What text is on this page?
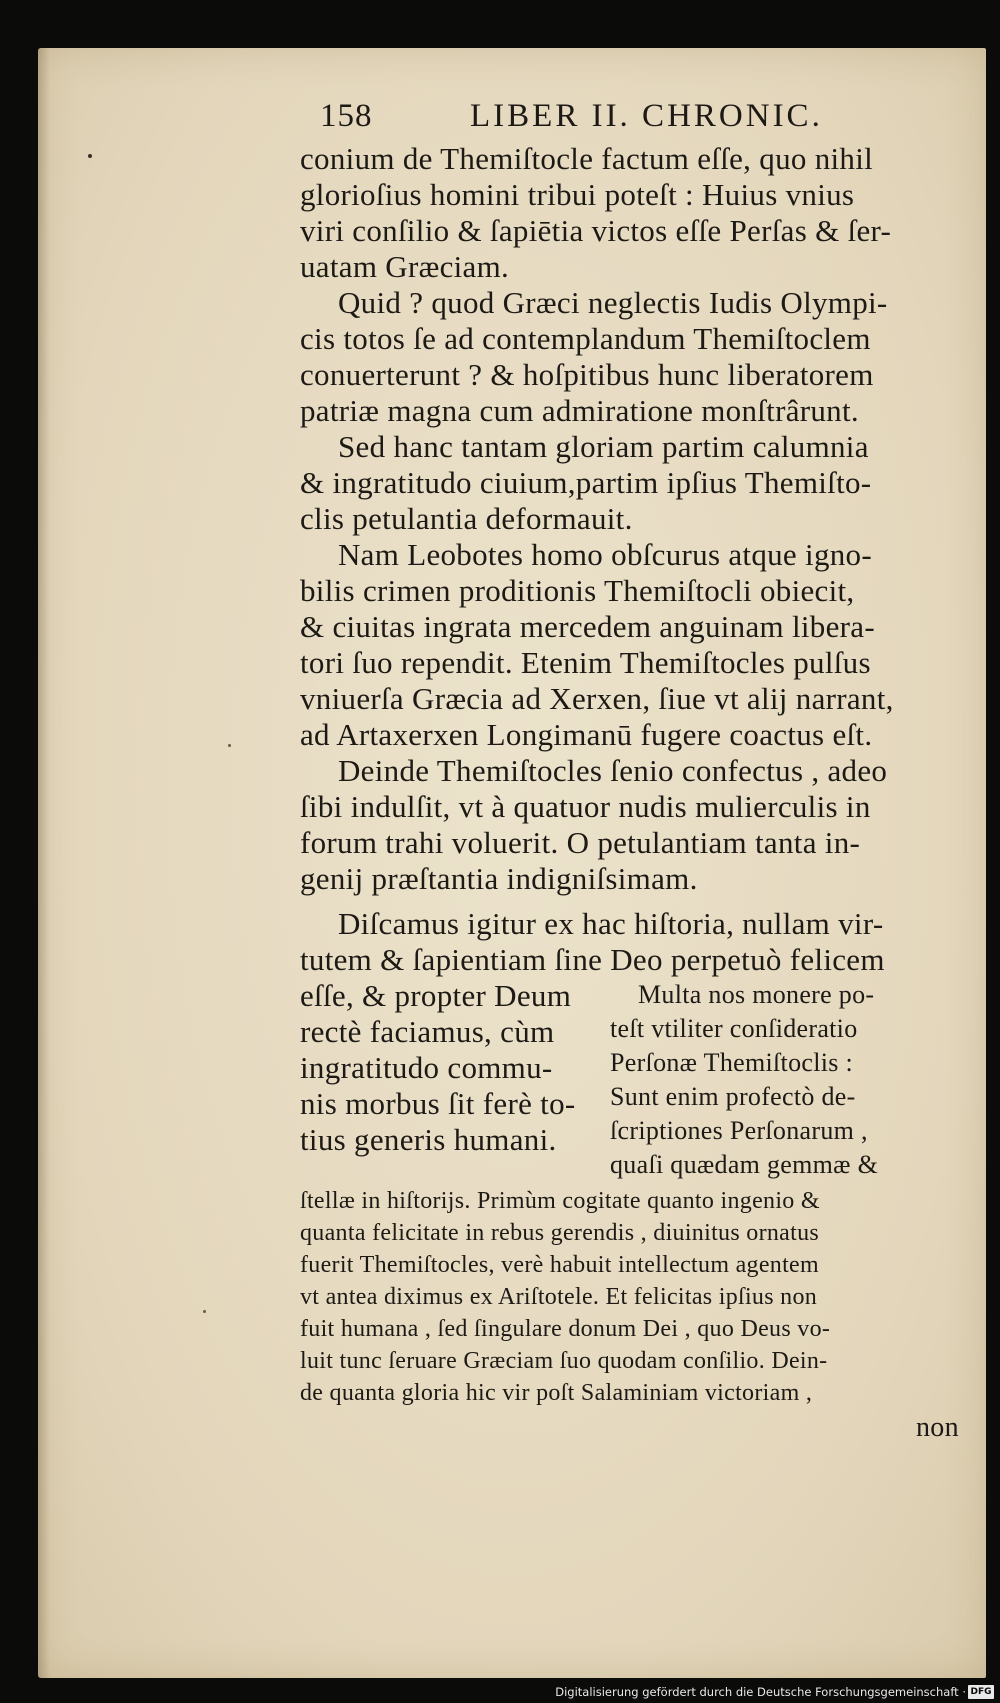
158	LIBER II. CHRONIC.
conium de Themiſtocle factum eſſe, quo nihil
glorioſius homini tribui poteſt : Huius vnius
viri conſilio & ſapiētia victos eſſe Perſas & ſer-
uatam Græciam.
Quid ? quod Græci neglectis Iudis Olympi-
cis totos ſe ad contemplandum Themiſtoclem
conuerterunt ? & hoſpitibus hunc liberatorem
patriæ magna cum admiratione monſtrârunt.
Sed hanc tantam gloriam partim calumnia
& ingratitudo ciuium,partim ipſius Themiſto-
clis petulantia deformauit.
Nam Leobotes homo obſcurus atque igno-
bilis crimen proditionis Themiſtocli obiecit,
& ciuitas ingrata mercedem anguinam libera-
tori ſuo rependit. Etenim Themiſtocles pulſus
vniuerſa Græcia ad Xerxen, ſiue vt alij narrant,
ad Artaxerxen Longimanū fugere coactus eſt.
Deinde Themiſtocles ſenio confectus , adeo
ſibi indulſit, vt à quatuor nudis mulierculis in
forum trahi voluerit. O petulantiam tanta in-
genij præſtantia indigniſsimam.
Diſcamus igitur ex hac hiſtoria, nullam vir-
tutem & ſapientiam ſine Deo perpetuò felicem
eſſe, & propter Deum
rectè faciamus, cùm
ingratitudo commu-
nis morbus ſit ferè to-
tius generis humani.
Multa nos monere po-
teſt vtiliter conſideratio
Perſonæ Themiſtoclis :
Sunt enim profectò de-
ſcriptiones Perſonarum ,
quaſi quædam gemmæ &
ſtellæ in hiſtorijs. Primùm cogitate quanto ingenio &
quanta felicitate in rebus gerendis , diuinitus ornatus
fuerit Themiſtocles, verè habuit intellectum agentem
vt antea diximus ex Ariſtotele. Et felicitas ipſius non
fuit humana , ſed ſingulare donum Dei , quo Deus vo-
luit tunc ſeruare Græciam ſuo quodam conſilio. Dein-
de quanta gloria hic vir poſt Salaminiam victoriam ,
non
Digitalisierung gefördert durch die Deutsche Forschungsgemeinschaft · DFG
